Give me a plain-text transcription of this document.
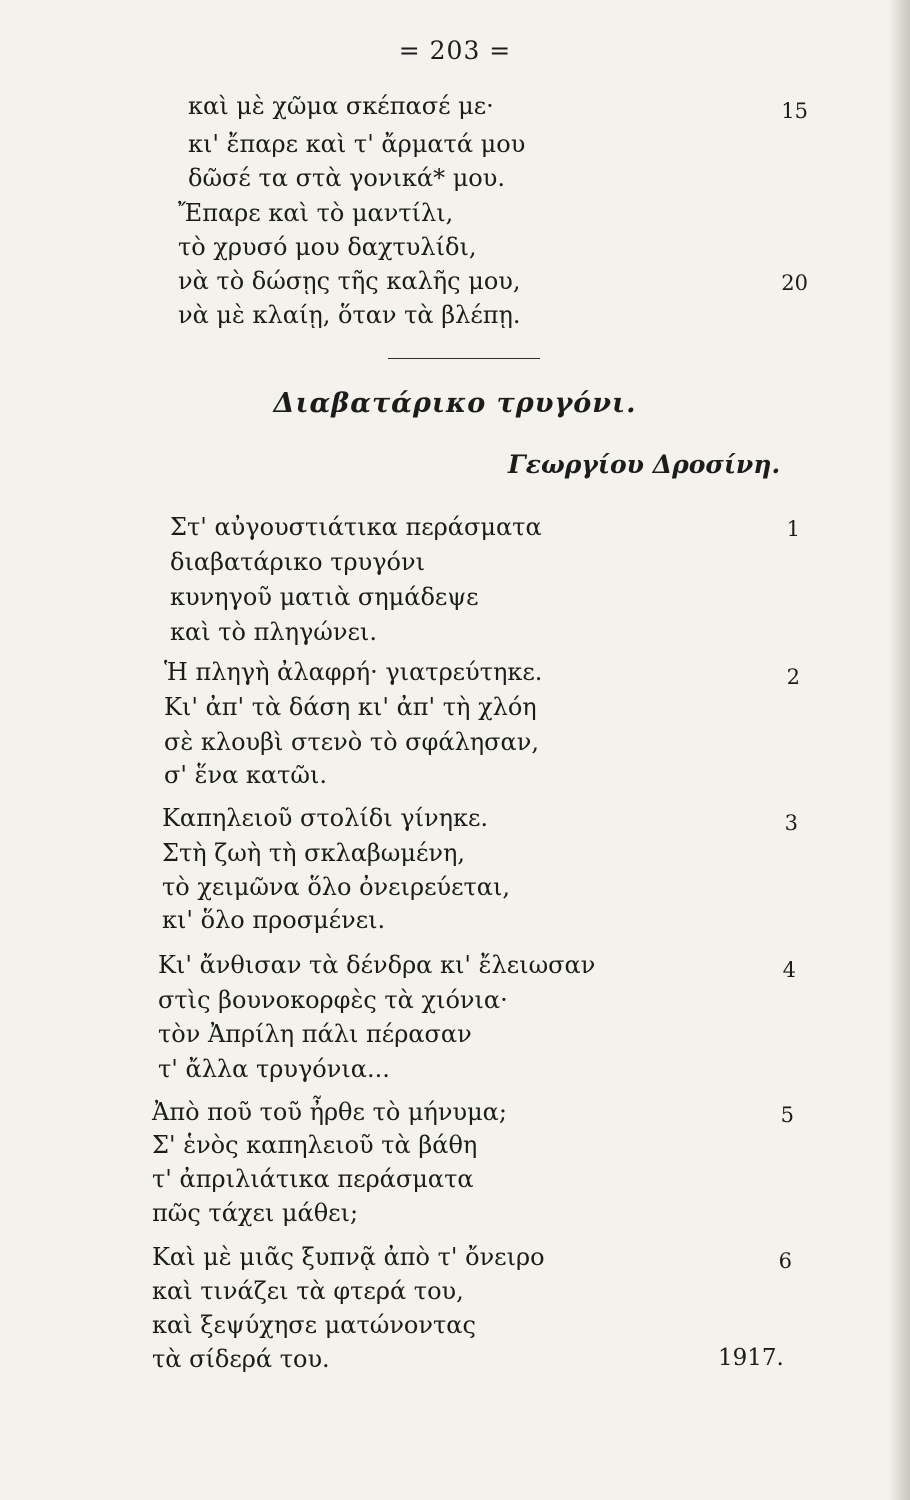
= 203 =
καὶ μὲ χῶμα σκέπασέ με·
κι' ἔπαρε καὶ τ' ἄρματά μου
δῶσέ τα στὰ γονικά* μου.
Ἔπαρε καὶ τὸ μαντίλι,
τὸ χρυσό μου δαχτυλίδι,
νὰ τὸ δώσῃς τῆς καλῆς μου,
νὰ μὲ κλαίῃ, ὅταν τὰ βλέπῃ.
15
20
Διαβατάρικο τρυγόνι.
Γεωργίου Δροσίνη.
Στ' αὐγουστιάτικα περάσματα
διαβατάρικο τρυγόνι
κυνηγοῦ ματιὰ σημάδεψε
καὶ τὸ πληγώνει.
1
Ἡ πληγὴ ἀλαφρή· γιατρεύτηκε.
Κι' ἀπ' τὰ δάση κι' ἀπ' τὴ χλόη
σὲ κλουβὶ στενὸ τὸ σφάλησαν,
σ' ἕνα κατῶι.
2
Καπηλειοῦ στολίδι γίνηκε.
Στὴ ζωὴ τὴ σκλαβωμένη,
τὸ χειμῶνα ὅλο ὀνειρεύεται,
κι' ὅλο προσμένει.
3
Κι' ἄνθισαν τὰ δένδρα κι' ἔλειωσαν
στὶς βουνοκορφὲς τὰ χιόνια·
τὸν Ἀπρίλη πάλι πέρασαν
τ' ἄλλα τρυγόνια...
4
Ἀπὸ ποῦ τοῦ ἦρθε τὸ μήνυμα;
Σ' ἑνὸς καπηλειοῦ τὰ βάθη
τ' ἀπριλιάτικα περάσματα
πῶς τάχει μάθει;
5
Καὶ μὲ μιᾶς ξυπνᾷ ἀπὸ τ' ὄνειρο
καὶ τινάζει τὰ φτερά του,
καὶ ξεψύχησε ματώνοντας
τὰ σίδερά του.
6
1917.
